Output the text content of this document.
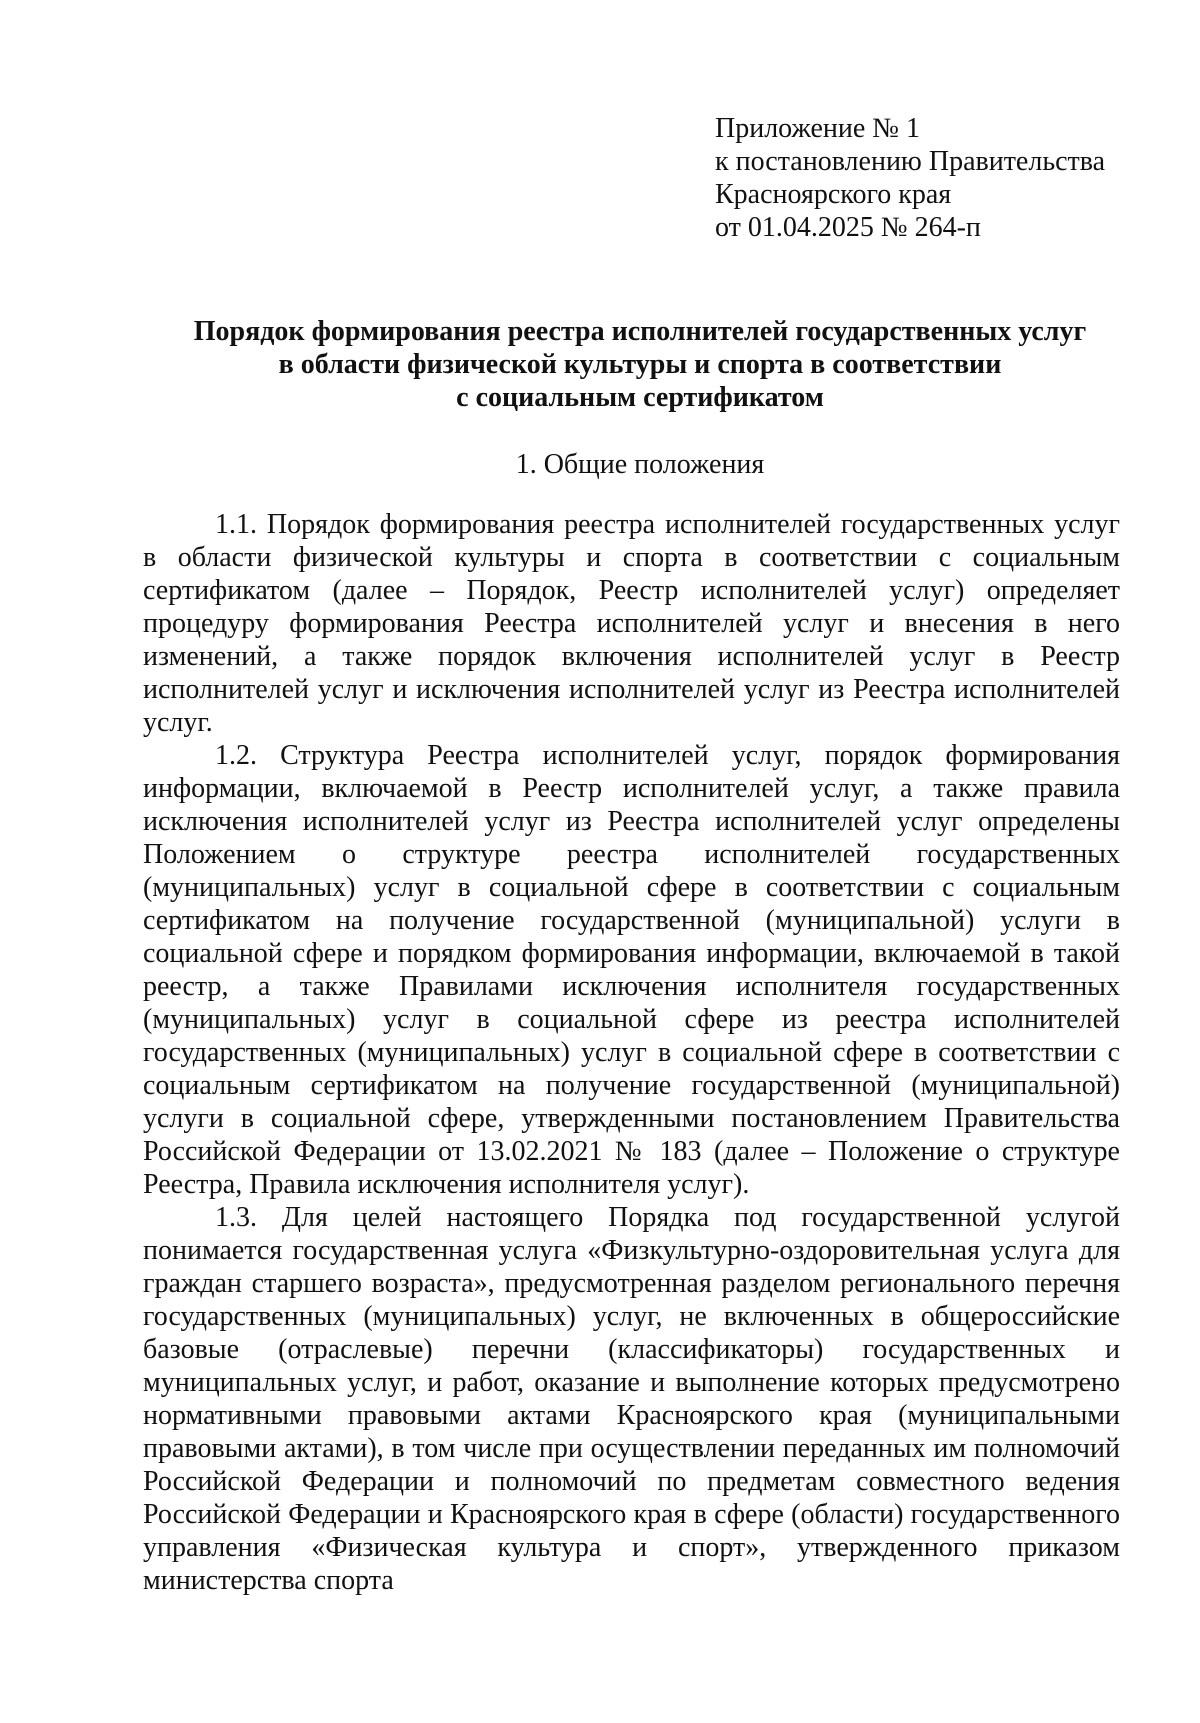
Приложение № 1
к постановлению Правительства
Красноярского края
от 01.04.2025 № 264-п
Порядок формирования реестра исполнителей государственных услуг
в области физической культуры и спорта в соответствии
с социальным сертификатом
1. Общие положения

1.1. Порядок формирования реестра исполнителей государственных услуг в области физической культуры и спорта в соответствии с социальным сертификатом (далее – Порядок, Реестр исполнителей услуг) определяет процедуру формирования Реестра исполнителей услуг и внесения в него изменений, а также порядок включения исполнителей услуг в Реестр исполнителей услуг и исключения исполнителей услуг из Реестра исполнителей услуг.

1.2. Структура Реестра исполнителей услуг, порядок формирования информации, включаемой в Реестр исполнителей услуг, а также правила исключения исполнителей услуг из Реестра исполнителей услуг определены Положением о структуре реестра исполнителей государственных (муниципальных) услуг в социальной сфере в соответствии с социальным сертификатом на получение государственной (муниципальной) услуги в социальной сфере и порядком формирования информации, включаемой в такой реестр, а также Правилами исключения исполнителя государственных (муниципальных) услуг в социальной сфере из реестра исполнителей государственных (муниципальных) услуг в социальной сфере в соответствии с социальным сертификатом на получение государственной (муниципальной) услуги в социальной сфере, утвержденными постановлением Правительства Российской Федерации от 13.02.2021 № 183 (далее – Положение о структуре Реестра, Правила исключения исполнителя услуг).

1.3. Для целей настоящего Порядка под государственной услугой понимается государственная услуга «Физкультурно-оздоровительная услуга для граждан старшего возраста», предусмотренная разделом регионального перечня государственных (муниципальных) услуг, не включенных в общероссийские базовые (отраслевые) перечни (классификаторы) государственных и муниципальных услуг, и работ, оказание и выполнение которых предусмотрено нормативными правовыми актами Красноярского края (муниципальными правовыми актами), в том числе при осуществлении переданных им полномочий Российской Федерации и полномочий по предметам совместного ведения Российской Федерации и Красноярского края в сфере (области) государственного управления «Физическая культура и спорт», утвержденного приказом министерства спорта
